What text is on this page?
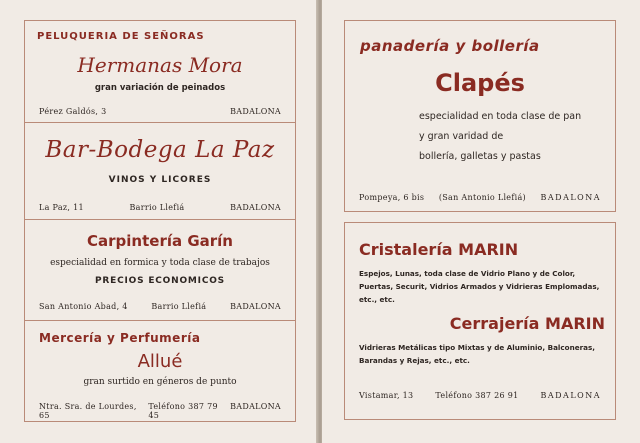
PELUQUERIA DE SEÑORAS
Hermanas Mora
gran variación de peinados
Pérez Galdós, 3	BADALONA
Bar-Bodega La Paz
VINOS Y LICORES
La Paz, 11	Barrio Llefiá	BADALONA
Carpintería Garín
especialidad en formica y toda clase de trabajos
PRECIOS ECONOMICOS
San Antonio Abad, 4	Barrio Llefiá	BADALONA
Mercería y Perfumería
Allué
gran surtido en géneros de punto
Ntra. Sra. de Lourdes, 65
Teléfono 387 79 45
BADALONA
panadería y bollería
Clapés
especialidad en toda clase de pan
y gran varidad de
bollería, galletas y pastas
Pompeya, 6 bis (San Antonio Llefiá) BADALONA
Cristalería MARIN
Espejos, Lunas, toda clase de Vidrio Plano y de Color, Puertas, Securit, Vidrios Armados y Vidrieras Emplomadas, etc., etc.
Cerrajería MARIN
Vidrieras Metálicas tipo Mixtas y de Aluminio, Balconeras, Barandas y Rejas, etc., etc.
Vistamar, 13	Teléfono 387 26 91	BADALONA
